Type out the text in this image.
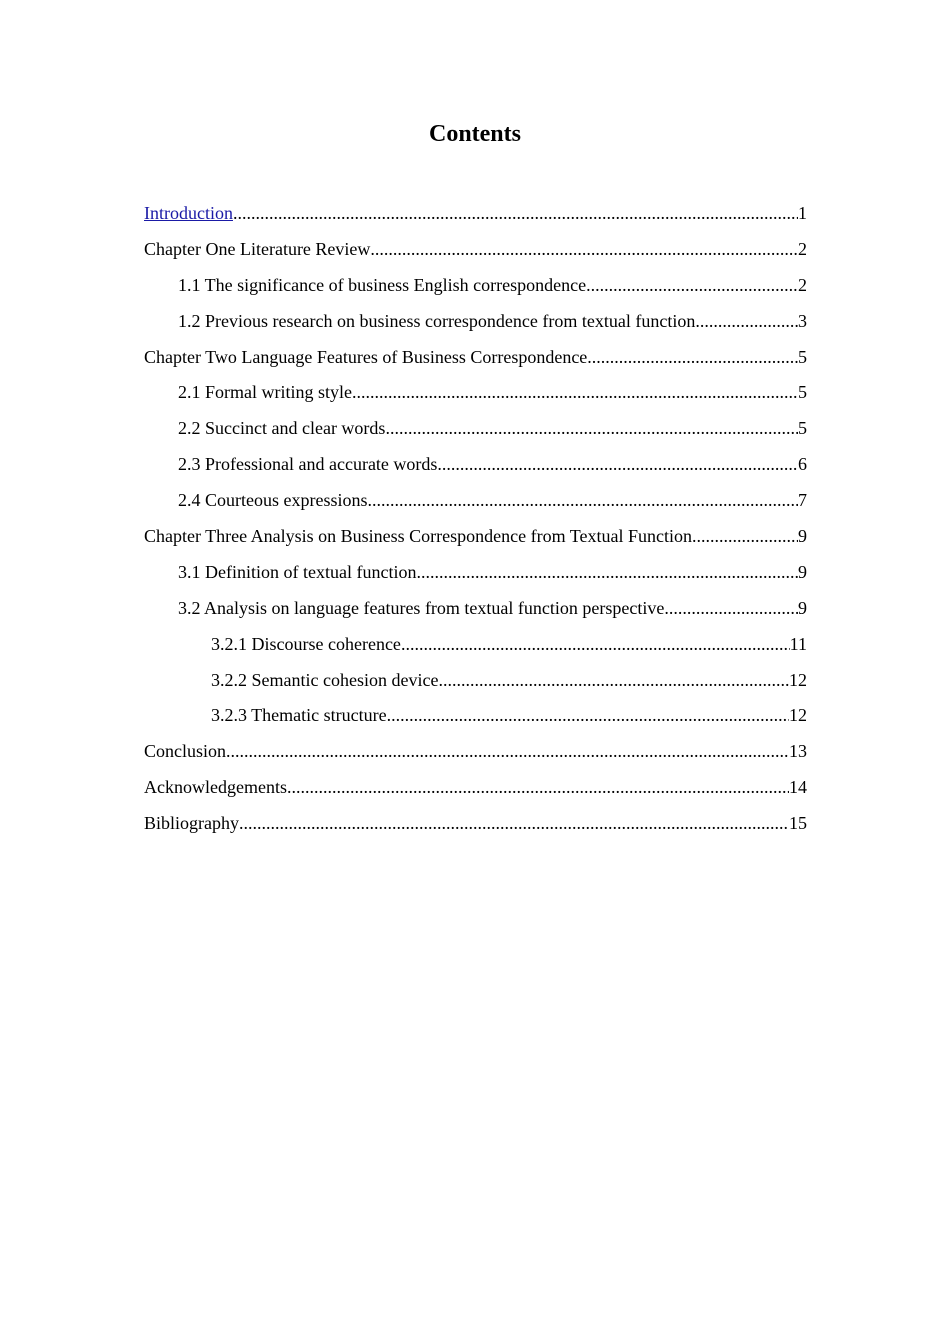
Contents
Introduction .....	1
Chapter One Literature Review .....	2
1.1 The significance of business English correspondence .....	2
1.2 Previous research on business correspondence from textual function .....	3
Chapter Two Language Features of Business Correspondence .....	5
2.1 Formal writing style .....	5
2.2 Succinct and clear words .....	5
2.3 Professional and accurate words .....	6
2.4 Courteous expressions .....	7
Chapter Three Analysis on Business Correspondence from Textual Function .....	9
3.1 Definition of textual function .....	9
3.2 Analysis on language features from textual function perspective .....	9
3.2.1 Discourse coherence .....	11
3.2.2 Semantic cohesion device .....	12
3.2.3 Thematic structure .....	12
Conclusion .....	13
Acknowledgements .....	14
Bibliography .....	15
